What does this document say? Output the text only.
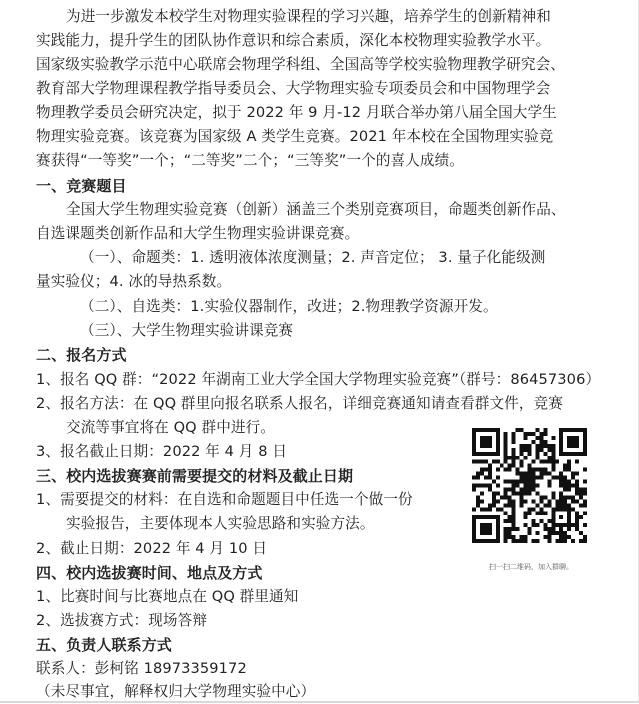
为进一步激发本校学生对物理实验课程的学习兴趣，培养学生的创新精神和
实践能力，提升学生的团队协作意识和综合素质，深化本校物理实验教学水平。
国家级实验教学示范中心联席会物理学科组、全国高等学校实验物理教学研究会、
教育部大学物理课程教学指导委员会、大学物理实验专项委员会和中国物理学会
物理教学委员会研究决定，拟于 2022 年 9 月-12 月联合举办第八届全国大学生
物理实验竞赛。该竞赛为国家级 A 类学生竞赛。2021 年本校在全国物理实验竞
赛获得“一等奖”一个；“二等奖”二个；“三等奖”一个的喜人成绩。
一、竞赛题目
全国大学生物理实验竞赛（创新）涵盖三个类别竞赛项目，命题类创新作品、
自选课题类创新作品和大学生物理实验讲课竞赛。
（一）、命题类：1. 透明液体浓度测量；2. 声音定位； 3. 量子化能级测
量实验仪；4. 冰的导热系数。
（二）、自选类：1.实验仪器制作，改进；2.物理教学资源开发。
（三）、大学生物理实验讲课竞赛
二、报名方式
1、报名 QQ 群：“2022 年湖南工业大学全国大学物理实验竞赛”（群号：86457306）
2、报名方法：在 QQ 群里向报名联系人报名，详细竞赛通知请查看群文件，竞赛
交流等事宜将在 QQ 群中进行。
3、报名截止日期：2022 年 4 月 8 日
三、校内选拔赛赛前需要提交的材料及截止日期
1、需要提交的材料：在自选和命题题目中任选一个做一份
实验报告，主要体现本人实验思路和实验方法。
2、截止日期：2022 年 4 月 10 日
四、校内选拔赛时间、地点及方式
1、比赛时间与比赛地点在 QQ 群里通知
2、选拔赛方式：现场答辩
五、负责人联系方式
联系人：彭柯铭 18973359172
（未尽事宜，解释权归大学物理实验中心）
扫一扫二维码，加入群聊。
